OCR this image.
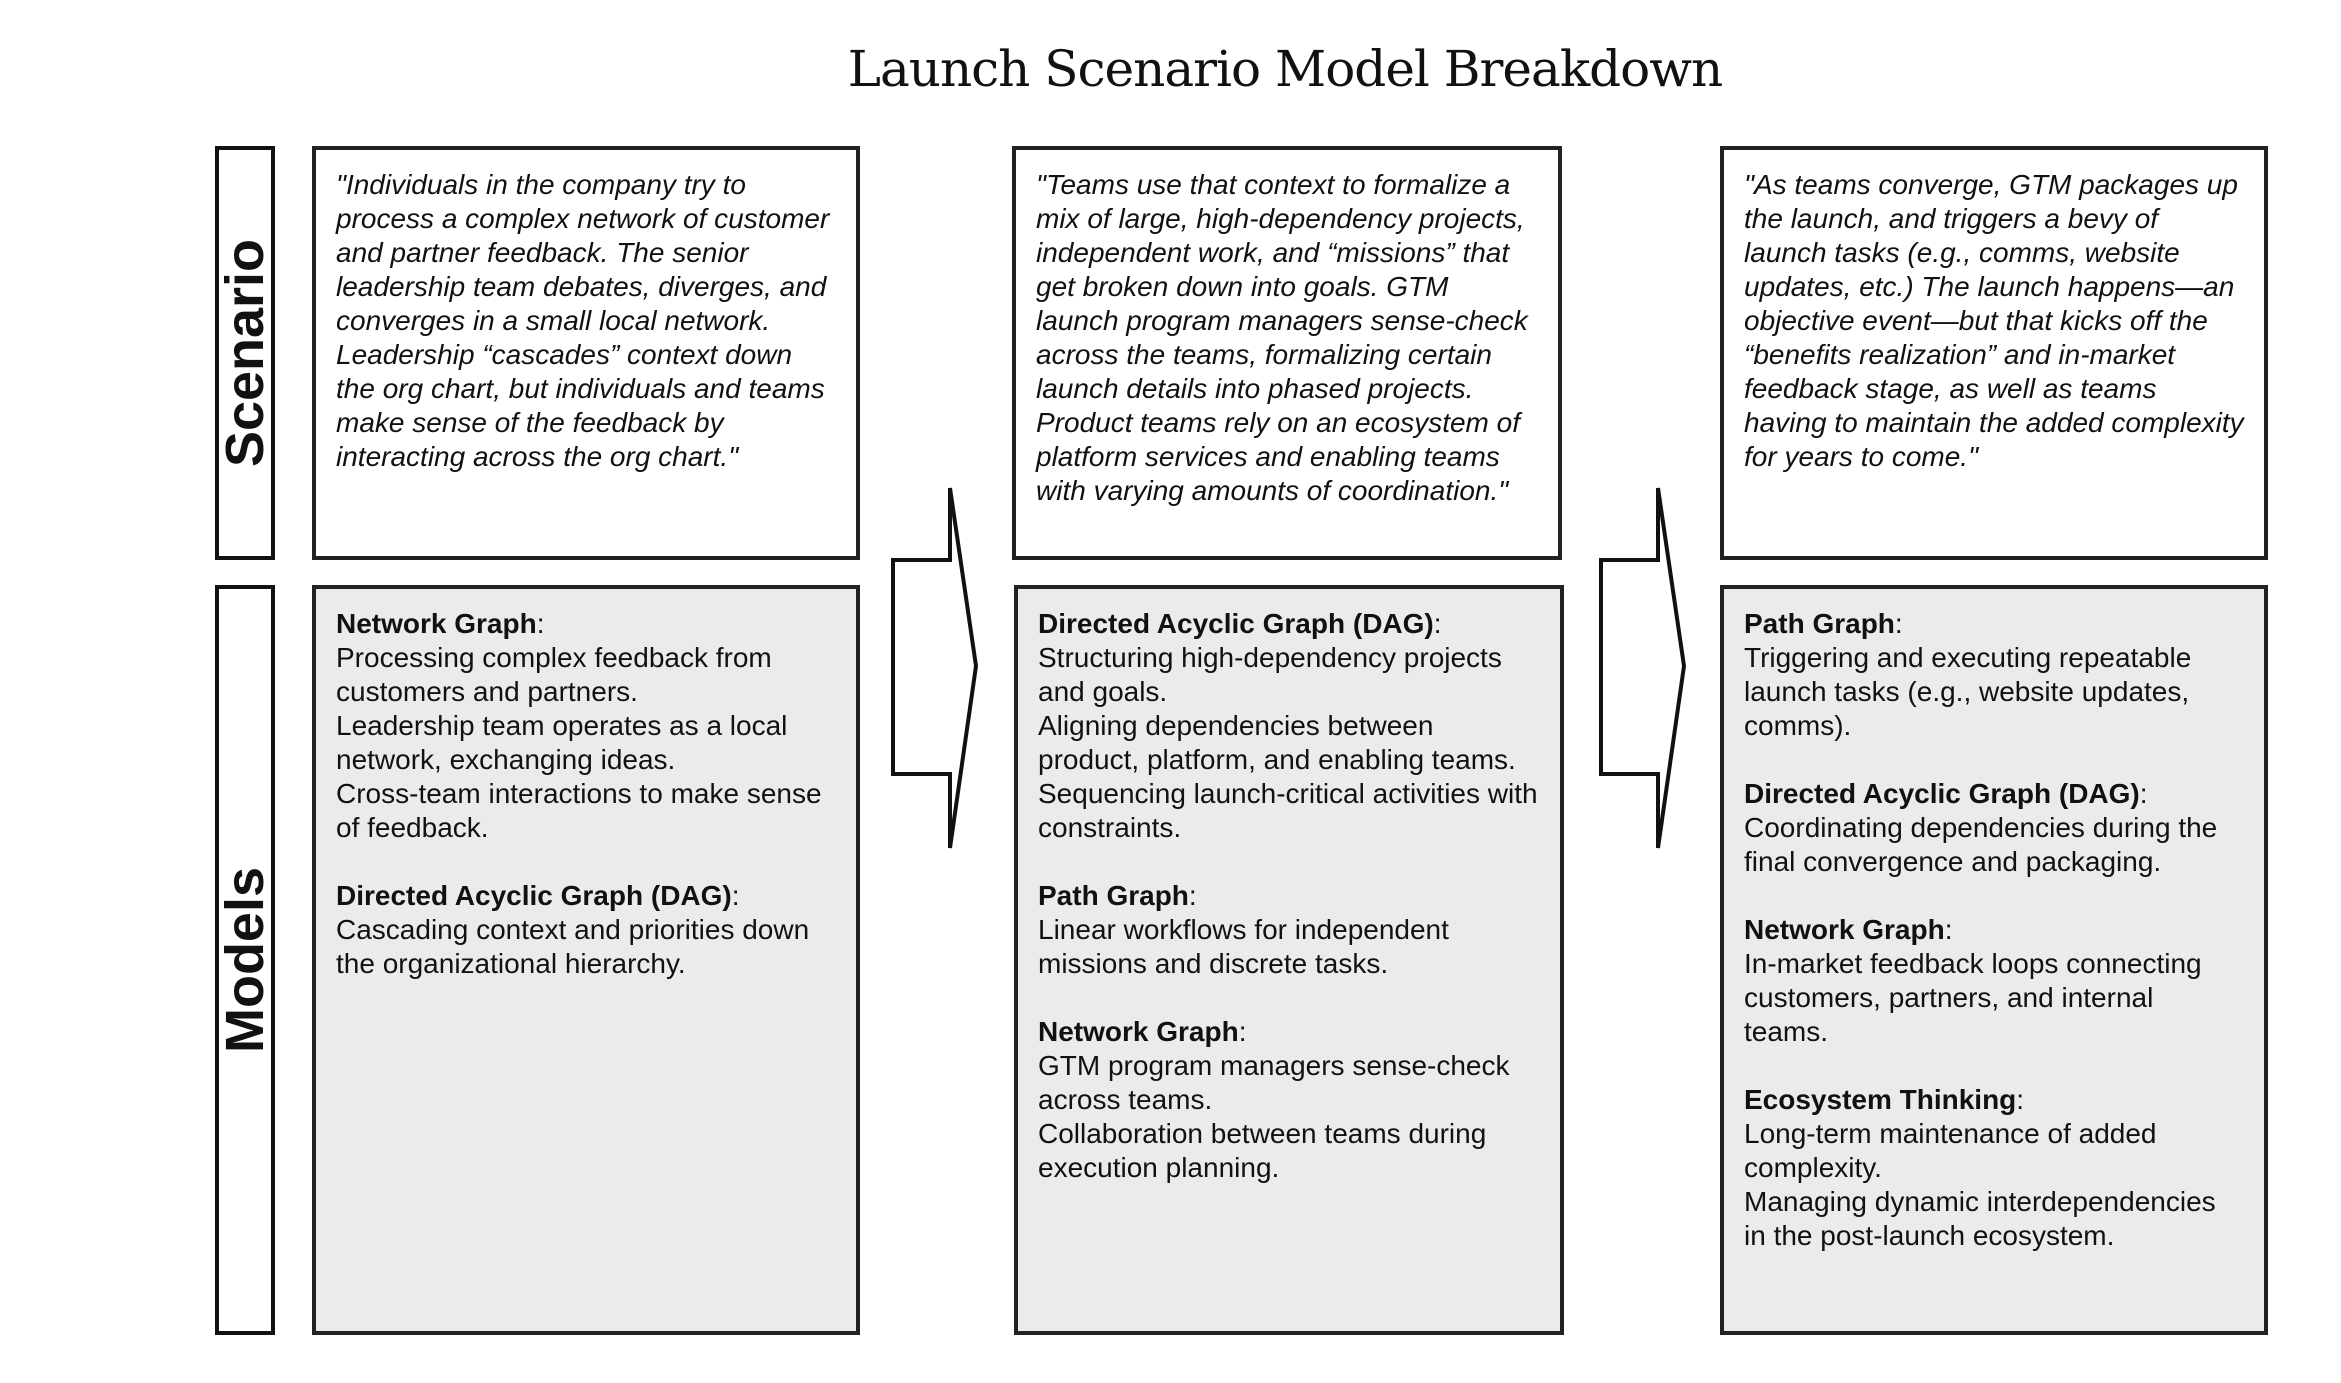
Launch Scenario Model Breakdown
Scenario
Models
"Individuals in the company try to process a complex network of customer and partner feedback. The senior leadership team debates, diverges, and converges in a small local network. Leadership “cascades” context down the org chart, but individuals and teams make sense of the feedback by interacting across the org chart."
"Teams use that context to formalize a mix of large, high-dependency projects, independent work, and “missions” that get broken down into goals. GTM launch program managers sense-check across the teams, formalizing certain launch details into phased projects. Product teams rely on an ecosystem of platform services and enabling teams with varying amounts of coordination."
"As teams converge, GTM packages up the launch, and triggers a bevy of launch tasks (e.g., comms, website updates, etc.) The launch happens—an objective event—but that kicks off the “benefits realization” and in-market feedback stage, as well as teams having to maintain the added complexity for years to come."
Network Graph:
Processing complex feedback from customers and partners.
Leadership team operates as a local network, exchanging ideas.
Cross-team interactions to make sense of feedback.
Directed Acyclic Graph (DAG):
Cascading context and priorities down the organizational hierarchy.
Directed Acyclic Graph (DAG):
Structuring high-dependency projects and goals.
Aligning dependencies between product, platform, and enabling teams.
Sequencing launch-critical activities with constraints.
Path Graph:
Linear workflows for independent missions and discrete tasks.
Network Graph:
GTM program managers sense-check across teams.
Collaboration between teams during execution planning.
Path Graph:
Triggering and executing repeatable launch tasks (e.g., website updates, comms).
Directed Acyclic Graph (DAG):
Coordinating dependencies during the final convergence and packaging.
Network Graph:
In-market feedback loops connecting customers, partners, and internal teams.
Ecosystem Thinking:
Long-term maintenance of added complexity.
Managing dynamic interdependencies in the post-launch ecosystem.
